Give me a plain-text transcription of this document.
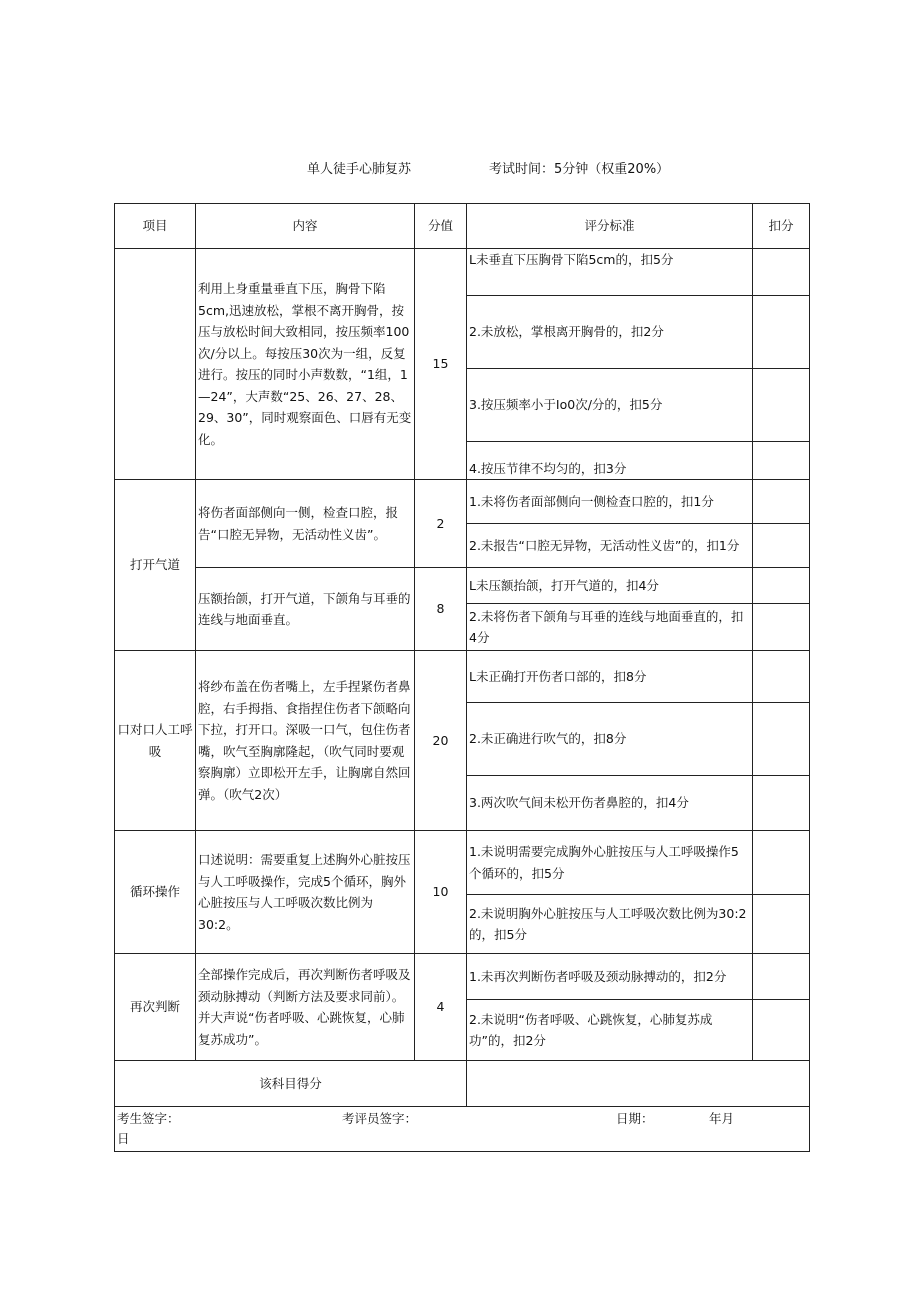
单人徒手心肺复苏	考试时间：5分钟（权重20%）
项目	内容	分值	评分标准	扣分
	利用上身重量垂直下压，胸骨下陷5cm,迅速放松，掌根不离开胸骨，按压与放松时间大致相同，按压频率100次/分以上。每按压30次为一组，反复进行。按压的同时小声数数，“1组，1—24”，大声数“25、26、27、28、29、30”，同时观察面色、口唇有无变化。	15	L未垂直下压胸骨下陷5cm的，扣5分	
			2.未放松，掌根离开胸骨的，扣2分	
			3.按压频率小于Io0次/分的，扣5分	
			4.按压节律不均匀的，扣3分	
打开气道	将伤者面部侧向一侧，检查口腔，报告“口腔无异物，无活动性义齿”。	2	1.未将伤者面部侧向一侧检查口腔的，扣1分	
			2.未报告“口腔无异物，无活动性义齿”的，扣1分	
	压额抬颌，打开气道，下颌角与耳垂的连线与地面垂直。	8	L未压额抬颌，打开气道的，扣4分	
			2.未将伤者下颌角与耳垂的连线与地面垂直的，扣4分	
口对口人工呼吸	将纱布盖在伤者嘴上，左手捏紧伤者鼻腔，右手拇指、食指捏住伤者下颌略向下拉，打开口。深吸一口气，包住伤者嘴，吹气至胸廓隆起，（吹气同时要观察胸廓）立即松开左手，让胸廓自然回弹。（吹气2次）	20	L未正确打开伤者口部的，扣8分	
			2.未正确进行吹气的，扣8分	
			3.两次吹气间未松开伤者鼻腔的，扣4分	
循环操作	口述说明：需要重复上述胸外心脏按压与人工呼吸操作，完成5个循环，胸外心脏按压与人工呼吸次数比例为30:2。	10	1.未说明需要完成胸外心脏按压与人工呼吸操作5个循环的，扣5分	
			2.未说明胸外心脏按压与人工呼吸次数比例为30:2的，扣5分	
再次判断	全部操作完成后，再次判断伤者呼吸及颈动脉搏动（判断方法及要求同前）。并大声说“伤者呼吸、心跳恢复，心肺复苏成功”。	4	1.未再次判断伤者呼吸及颈动脉搏动的，扣2分	
			2.未说明“伤者呼吸、心跳恢复，心肺复苏成功”的，扣2分	
该科目得分				

考生签字： 考评员签字： 日期： 年月
日				
